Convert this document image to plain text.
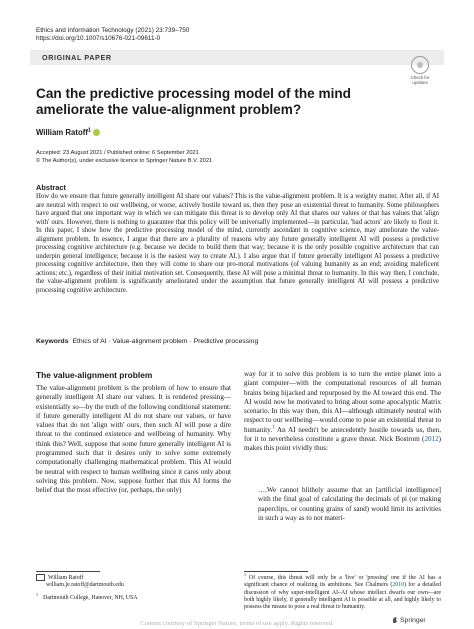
Ethics and Information Technology (2021) 23:739–750
https://doi.org/10.1007/s10676-021-09611-0
ORIGINAL PAPER
Check for updates
Can the predictive processing model of the mind ameliorate the value-alignment problem?
William Ratoff$^1$
Accepted: 23 August 2021 / Published online: 6 September 2021
© The Author(s), under exclusive licence to Springer Nature B.V. 2021
Abstract
How do we ensure that future generally intelligent AI share our values? This is the value-alignment problem. It is a weighty matter. After all, if AI are neutral with respect to our wellbeing, or worse, actively hostile toward us, then they pose an existential threat to humanity. Some philosophers have argued that one important way in which we can mitigate this threat is to develop only AI that shares our values or that has values that 'align with' ours. However, there is nothing to guarantee that this policy will be universally implemented—in particular, 'bad actors' are likely to flout it. In this paper, I show how the predictive processing model of the mind, currently ascendant in cognitive science, may ameliorate the value-alignment problem. In essence, I argue that there are a plurality of reasons why any future generally intelligent AI will possess a predictive processing cognitive architecture (e.g. because we decide to build them that way; because it is the only possible cognitive architecture that can underpin general intelligence; because it is the easiest way to create AI.). I also argue that if future generally intelligent AI possess a predictive processing cognitive architecture, then they will come to share our pro-moral motivations (of valuing humanity as an end; avoiding maleficent actions; etc.), regardless of their initial motivation set. Consequently, these AI will pose a minimal threat to humanity. In this way then, I conclude, the value-alignment problem is significantly ameliorated under the assumption that future generally intelligent AI will possess a predictive processing cognitive architecture.
Keywords Ethics of AI · Value-alignment problem · Predictive processing
The value-alignment problem
The value-alignment problem is the problem of how to ensure that generally intelligent AI share our values. It is rendered pressing—existentially so—by the truth of the following conditional statement: if future generally intelligent AI do not share our values, or have values that do not 'align with' ours, then such AI will pose a dire threat to the continued existence and wellbeing of humanity. Why think this? Well, suppose that some future generally intelligent AI is programmed such that it desires only to solve some extremely computationally challenging mathematical problem. This AI would be neutral with respect to human wellbeing since it cares only about solving this problem. Now, suppose further that this AI forms the belief that the most effective (or, perhaps, the only)
way for it to solve this problem is to turn the entire planet into a giant computer—with the computational resources of all human brains being hijacked and repurposed by the AI toward this end. The AI would now be motivated to bring about some apocalyptic Matrix scenario. In this way then, this AI—although ultimately neutral with respect to our wellbeing—would come to pose an existential threat to humanity.$^1$ An AI needn't be antecedently hostile towards us, then, for it to nevertheless constitute a grave threat. Nick Bostrom (2012) makes this point vividly thus:
….We cannot blithely assume that an [artificial intelligence] with the final goal of calculating the decimals of pi (or making paperclips, or counting grains of sand) would limit its activities in such a way as to not materi-
William Ratoff
william.je.ratoff@dartmouth.edu
$^1$Dartmouth College, Hanover, NH, USA
$^1$ Of course, this threat will only be a 'live' or 'pressing' one if the AI has a significant chance of realizing its ambitions. See Chalmers (2010) for a detailed discussion of why super-intelligent AI–AI whose intellect dwarfs our own—are both highly likely, if generally intelligent AI is possible at all, and highly likely to possess the means to pose a real threat to humanity.
Springer
Content courtesy of Springer Nature, terms of use apply. Rights reserved.
